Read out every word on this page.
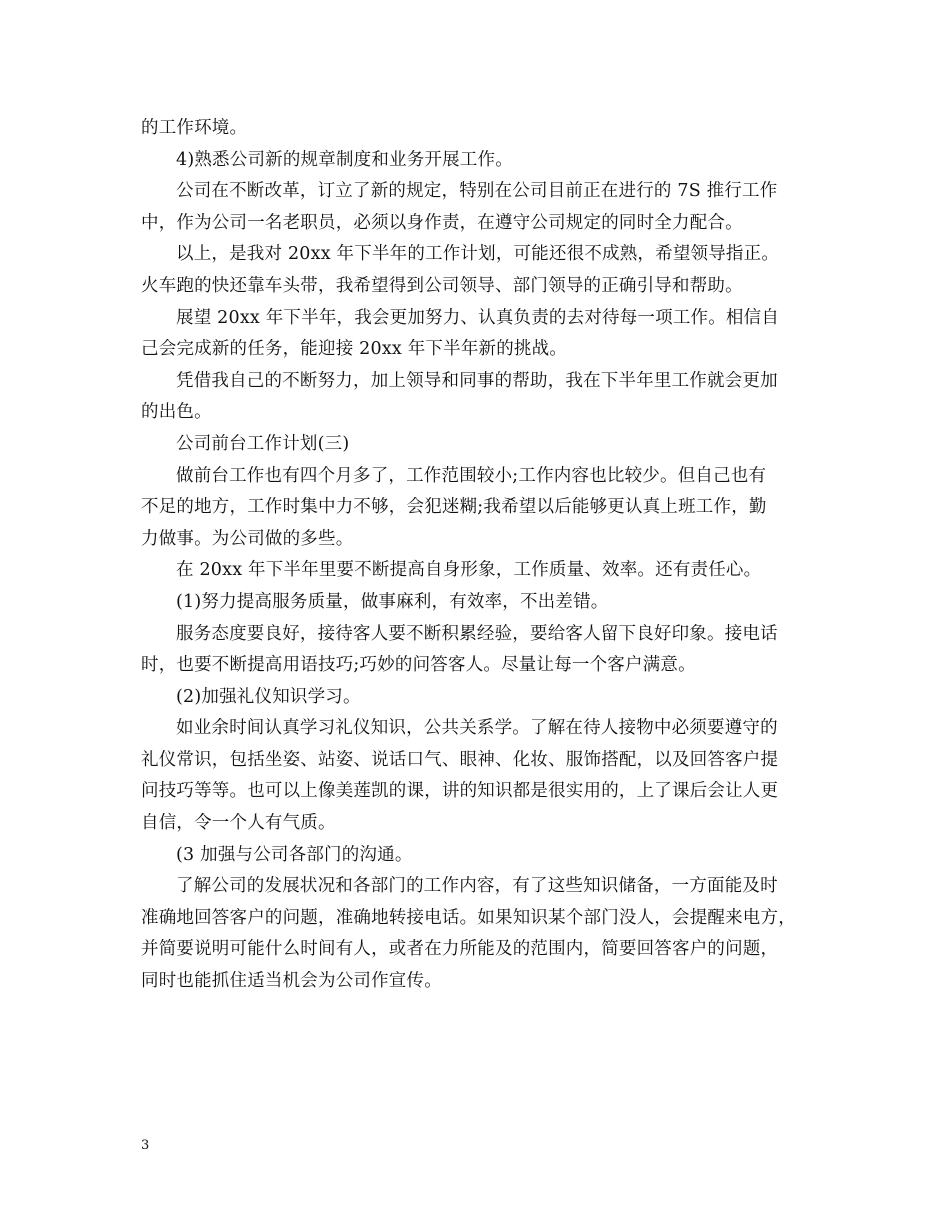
的工作环境。
4)熟悉公司新的规章制度和业务开展工作。
公司在不断改革，订立了新的规定，特别在公司目前正在进行的 7S 推行工作
中，作为公司一名老职员，必须以身作责，在遵守公司规定的同时全力配合。
以上，是我对 20xx 年下半年的工作计划，可能还很不成熟，希望领导指正。
火车跑的快还靠车头带，我希望得到公司领导、部门领导的正确引导和帮助。
展望 20xx 年下半年，我会更加努力、认真负责的去对待每一项工作。相信自
己会完成新的任务，能迎接 20xx 年下半年新的挑战。
凭借我自己的不断努力，加上领导和同事的帮助，我在下半年里工作就会更加
的出色。
公司前台工作计划(三)
做前台工作也有四个月多了，工作范围较小;工作内容也比较少。但自己也有
不足的地方，工作时集中力不够，会犯迷糊;我希望以后能够更认真上班工作，勤
力做事。为公司做的多些。
在 20xx 年下半年里要不断提高自身形象，工作质量、效率。还有责任心。
(1)努力提高服务质量，做事麻利，有效率，不出差错。
服务态度要良好，接待客人要不断积累经验，要给客人留下良好印象。接电话
时，也要不断提高用语技巧;巧妙的问答客人。尽量让每一个客户满意。
(2)加强礼仪知识学习。
如业余时间认真学习礼仪知识，公共关系学。了解在待人接物中必须要遵守的
礼仪常识，包括坐姿、站姿、说话口气、眼神、化妆、服饰搭配，以及回答客户提
问技巧等等。也可以上像美莲凯的课，讲的知识都是很实用的，上了课后会让人更
自信，令一个人有气质。
(3 加强与公司各部门的沟通。
了解公司的发展状况和各部门的工作内容，有了这些知识储备，一方面能及时
准确地回答客户的问题，准确地转接电话。如果知识某个部门没人，会提醒来电方，
并简要说明可能什么时间有人，或者在力所能及的范围内，简要回答客户的问题，
同时也能抓住适当机会为公司作宣传。
3
